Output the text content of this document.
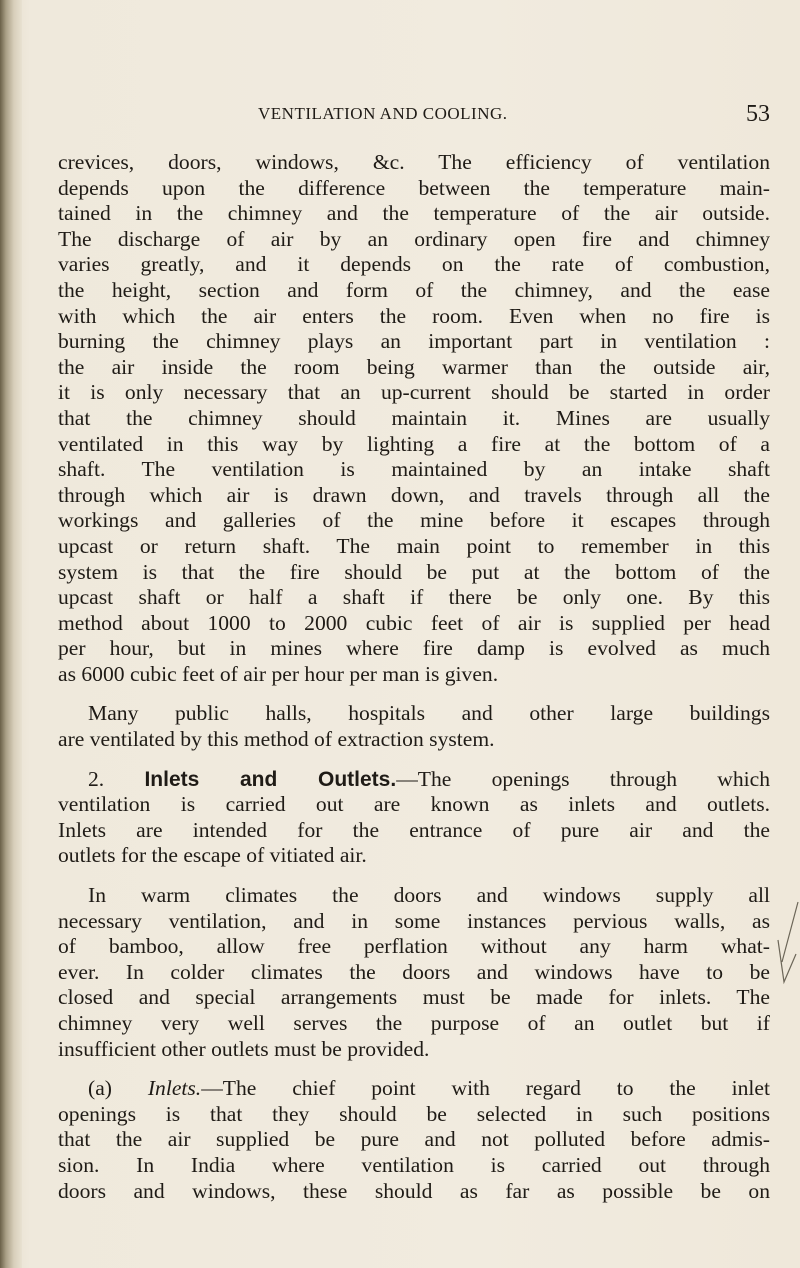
VENTILATION AND COOLING.	53
crevices, doors, windows, &c. The efficiency of ventilation
depends upon the difference between the temperature main-
tained in the chimney and the temperature of the air outside.
The discharge of air by an ordinary open fire and chimney
varies greatly, and it depends on the rate of combustion,
the height, section and form of the chimney, and the ease
with which the air enters the room. Even when no fire is
burning the chimney plays an important part in ventilation :
the air inside the room being warmer than the outside air,
it is only necessary that an up-current should be started in order
that the chimney should maintain it. Mines are usually
ventilated in this way by lighting a fire at the bottom of a
shaft. The ventilation is maintained by an intake shaft
through which air is drawn down, and travels through all the
workings and galleries of the mine before it escapes through
upcast or return shaft. The main point to remember in this
system is that the fire should be put at the bottom of the
upcast shaft or half a shaft if there be only one. By this
method about 1000 to 2000 cubic feet of air is supplied per head
per hour, but in mines where fire damp is evolved as much
as 6000 cubic feet of air per hour per man is given.
Many public halls, hospitals and other large buildings
are ventilated by this method of extraction system.
2. Inlets and Outlets.—The openings through which
ventilation is carried out are known as inlets and outlets.
Inlets are intended for the entrance of pure air and the
outlets for the escape of vitiated air.
In warm climates the doors and windows supply all
necessary ventilation, and in some instances pervious walls, as
of bamboo, allow free perflation without any harm what-
ever. In colder climates the doors and windows have to be
closed and special arrangements must be made for inlets. The
chimney very well serves the purpose of an outlet but if
insufficient other outlets must be provided.
(a) Inlets.—The chief point with regard to the inlet
openings is that they should be selected in such positions
that the air supplied be pure and not polluted before admis-
sion. In India where ventilation is carried out through
doors and windows, these should as far as possible be on
